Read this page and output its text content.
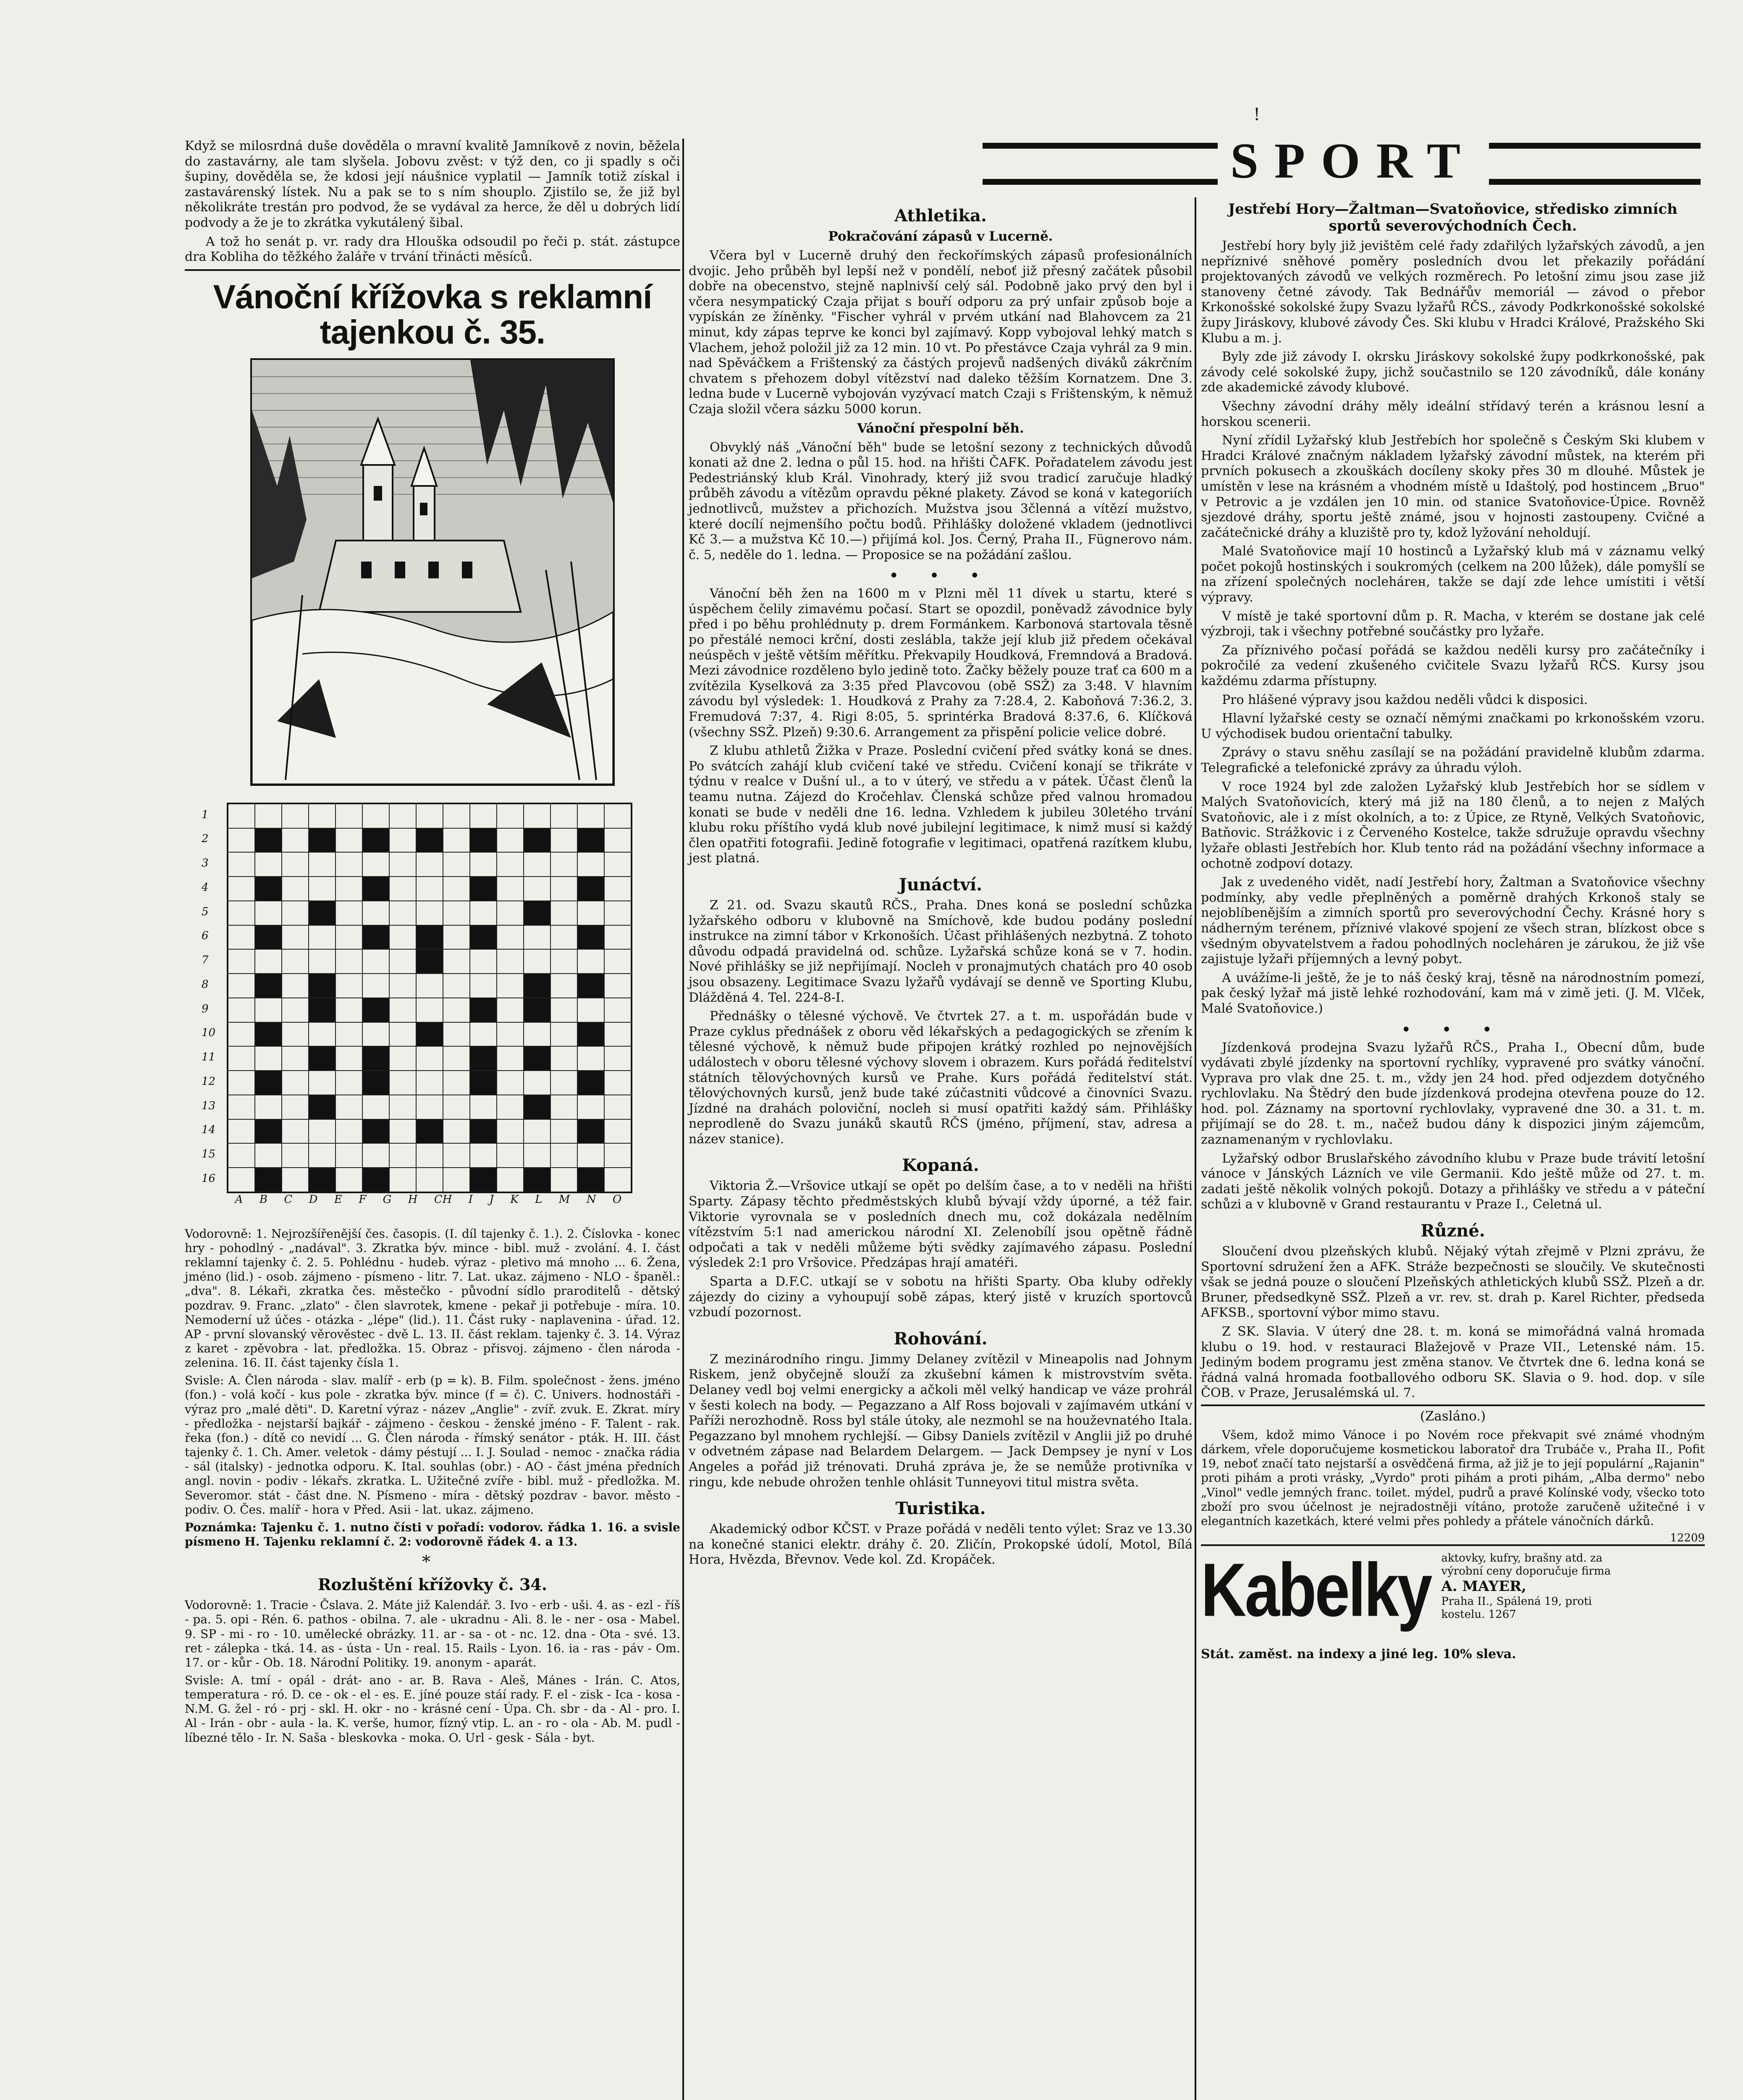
!
SPORT

Když se milosrdná duše dověděla o mravní kvalitě Jamníkově z novin, běžela do zastavárny, ale tam slyšela. Jobovu zvěst: v týž den, co ji spadly s oči šupiny, dověděla se, že kdosi její náušnice vyplatil — Jamník totiž získal i zastavárenský lístek. Nu a pak se to s ním shouplo. Zjistilo se, že již byl několikráte trestán pro podvod, že se vydával za herce, že děl u dobrých lidí podvody a že je to zkrátka vykutálený šibal.

A tož ho senát p. vr. rady dra Hlouška odsoudil po řeči p. stát. zástupce dra Kobliha do těžkého žaláře v trvání třinácti měsíců.

Vánoční křížovka s reklamní tajenkou č. 35.
1
2
3
4
5
6
7
8
9
10
11
12
13
14
15
16
A B C D E F G H CH I J K L M N O

Vodorovně: 1. Nejrozšířenější čes. časopis. (I. díl tajenky č. 1.). 2. Číslovka - konec hry - pohodlný - „nadával". 3. Zkratka býv. mince - bibl. muž - zvolání. 4. I. část reklamní tajenky č. 2. 5. Pohlédnu - hudeb. výraz - pletivo má mnoho ... 6. Žena, jméno (lid.) - osob. zájmeno - písmeno - litr. 7. Lat. ukaz. zájmeno - NLO - španěl.: „dva". 8. Lékaři, zkratka čes. městečko - původní sídlo praroditelů - dětský pozdrav. 9. Franc. „zlato" - člen slavrotek, kmene - pekař ji potřebuje - míra. 10. Nemoderní už účes - otázka - „lépe" (lid.). 11. Část ruky - naplavenina - úřad. 12. AP - první slovanský věrověstec - dvě L. 13. II. část reklam. tajenky č. 3. 14. Výraz z karet - zpěvobra - lat. předložka. 15. Obraz - přisvoj. zájmeno - člen národa - zelenina. 16. II. část tajenky čísla 1.

Svisle: A. Člen národa - slav. malíř - erb (p = k). B. Film. společnost - žens. jméno (fon.) - volá kočí - kus pole - zkratka býv. mince (f = č). C. Univers. hodnostáři - výraz pro „malé děti". D. Karetní výraz - název „Anglie" - zvíř. zvuk. E. Zkrat. míry - předložka - nejstarší bajkář - zájmeno - českou - ženské jméno - F. Talent - rak. řeka (fon.) - dítě co nevidí ... G. Člen národa - římský senátor - pták. H. III. část tajenky č. 1. Ch. Amer. veletok - dámy péstují ... I. J. Soulad - nemoc - značka rádia - sál (italsky) - jednotka odporu. K. Ital. souhlas (obr.) - AO - část jména předních angl. novin - podiv - lékařs. zkratka. L. Užitečné zvíře - bibl. muž - předložka. M. Severomor. stát - část dne. N. Písmeno - míra - dětský pozdrav - bavor. město - podiv. O. Čes. malíř - hora v Před. Asii - lat. ukaz. zájmeno.

Poznámka: Tajenku č. 1. nutno čísti v pořadí: vodorov. řádka 1. 16. a svisle písmeno H. Tajenku reklamní č. 2: vodorovně řádek 4. a 13.

*
Rozluštění křížovky č. 34.

Vodorovně: 1. Tracie - Čslava. 2. Máte již Kalendář. 3. Ivo - erb - uši. 4. as - ezl - říš - pa. 5. opi - Rén. 6. pathos - obilna. 7. ale - ukradnu - Ali. 8. le - ner - osa - Mabel. 9. SP - mi - ro - 10. umělecké obrázky. 11. ar - sa - ot - nc. 12. dna - Ota - své. 13. ret - zálepka - tká. 14. as - ústa - Un - real. 15. Rails - Lyon. 16. ia - ras - páv - Om. 17. or - kůr - Ob. 18. Národní Politiky. 19. anonym - aparát.

Svisle: A. tmí - opál - drát- ano - ar. B. Rava - Aleš, Mánes - Irán. C. Atos, temperatura - ró. D. ce - ok - el - es. E. jíné pouze stáí rady. F. el - zisk - Ica - kosa - N.M. G. žel - ró - prj - skl. H. okr - no - krásné cení - Úpa. Ch. sbr - da - Al - pro. I. Al - Irán - obr - aula - la. K. verše, humor, fízný vtip. L. an - ro - ola - Ab. M. pudl - líbezné tělo - Ir. N. Saša - bleskovka - moka. O. Url - gesk - Sála - byt.

Athletika.
Pokračování zápasů v Lucerně.

Včera byl v Lucerně druhý den řeckořímských zápasů profesionálních dvojic. Jeho průběh byl lepší než v pondělí, neboť již přesný začátek působil dobře na obecenstvo, stejně naplnivší celý sál. Podobně jako prvý den byl i včera nesympatický Czaja přijat s bouří odporu za prý unfair způsob boje a vypískán ze žíněnky. "Fischer vyhrál v prvém utkání nad Blahovcem za 21 minut, kdy zápas teprve ke konci byl zajímavý. Kopp vybojoval lehký match s Vlachem, jehož položil již za 12 min. 10 vt. Po přestávce Czaja vyhrál za 9 min. nad Spěváčkem a Frištenský za částých projevů nadšených diváků zákrčním chvatem s přehozem dobyl vítězství nad daleko těžším Kornatzem. Dne 3. ledna bude v Lucerně vybojován vyzývací match Czaji s Frištenským, k němuž Czaja složil včera sázku 5000 korun.

Vánoční přespolní běh.

Obvyklý náš „Vánoční běh" bude se letošní sezony z technických důvodů konati až dne 2. ledna o půl 15. hod. na hřišti ČAFK. Pořadatelem závodu jest Pedestriánský klub Král. Vinohrady, který již svou tradicí zaručuje hladký průběh závodu a vítězům opravdu pěkné plakety. Závod se koná v kategoriích jednotlivců, mužstev a přichozích. Mužstva jsou 3členná a vítězí mužstvo, které docílí nejmenšího počtu bodů. Přihlášky doložené vkladem (jednotlivci Kč 3.— a mužstva Kč 10.—) přijímá kol. Jos. Černý, Praha II., Fügnerovo nám. č. 5, neděle do 1. ledna. — Proposice se na požádání zašlou.

• • •

Vánoční běh žen na 1600 m v Plzni měl 11 dívek u startu, které s úspěchem čelily zimavému počasí. Start se opozdil, poněvadž závodnice byly před i po běhu prohlédnuty p. drem Formánkem. Karbonová startovala těsně po přestálé nemoci krční, dosti zeslábla, takže její klub již předem očekával neúspěch v ještě větším měřítku. Překvapily Houdková, Fremndová a Bradová. Mezi závodnice rozděleno bylo jedině toto. Žačky běžely pouze trať ca 600 m a zvítězila Kyselková za 3:35 před Plavcovou (obě SSŽ) za 3:48. V hlavním závodu byl výsledek: 1. Houdková z Prahy za 7:28.4, 2. Kaboňová 7:36.2, 3. Fremudová 7:37, 4. Rigi 8:05, 5. sprintérka Bradová 8:37.6, 6. Klíčková (všechny SSŽ. Plzeň) 9:30.6. Arrangement za přispění policie velice dobré.

Z klubu athletů Žižka v Praze. Poslední cvičení před svátky koná se dnes. Po svátcích zahájí klub cvičení také ve středu. Cvičení konají se třikráte v týdnu v realce v Dušní ul., a to v úterý, ve středu a v pátek. Účast členů la teamu nutna. Zájezd do Kročehlav. Členská schůze před valnou hromadou konati se bude v neděli dne 16. ledna. Vzhledem k jubileu 30letého trvání klubu roku příštího vydá klub nové jubilejní legitimace, k nimž musí si každý člen opatřiti fotografii. Jedině fotografie v legitimaci, opatřená razítkem klubu, jest platná.

Junáctví.

Z 21. od. Svazu skautů RČS., Praha. Dnes koná se poslední schůzka lyžařského odboru v klubovně na Smíchově, kde budou podány poslední instrukce na zimní tábor v Krkonoších. Účast přihlášených nezbytná. Z tohoto důvodu odpadá pravidelná od. schůze. Lyžařská schůze koná se v 7. hodin. Nové přihlášky se již nepřijímají. Nocleh v pronajmutých chatách pro 40 osob jsou obsazeny. Legitimace Svazu lyžařů vydávají se denně ve Sporting Klubu, Dlážděná 4. Tel. 224-8-I.

Přednášky o tělesné výchově. Ve čtvrtek 27. a t. m. uspořádán bude v Praze cyklus přednášek z oboru věd lékařských a pedagogických se zřením k tělesné výchově, k němuž bude připojen krátký rozhled po nejnovějších událostech v oboru tělesné výchovy slovem i obrazem. Kurs pořádá ředitelství státních tělovýchovných kursů ve Prahe. Kurs pořádá ředitelství stát. tělovýchovných kursů, jenž bude také zúčastniti vůdcové a činovníci Svazu. Jízdné na drahách poloviční, nocleh si musí opatřiti každý sám. Přihlášky neprodleně do Svazu junáků skautů RČS (jméno, příjmení, stav, adresa a název stanice).

Kopaná.

Viktoria Ž.—Vršovice utkají se opět po delším čase, a to v neděli na hřišti Sparty. Zápasy těchto předměstských klubů bývají vždy úporné, a též fair. Viktorie vyrovnala se v posledních dnech mu, což dokázala nedělním vítězstvím 5:1 nad americkou národní XI. Zelenobílí jsou opětně řádně odpočati a tak v neděli můžeme býti svědky zajímavého zápasu. Poslední výsledek 2:1 pro Vršovice. Předzápas hrají amatéři.

Sparta a D.F.C. utkají se v sobotu na hřišti Sparty. Oba kluby odřekly zájezdy do ciziny a vyhoupují sobě zápas, který jistě v kruzích sportovců vzbudí pozornost.

Rohování.

Z mezinárodního ringu. Jimmy Delaney zvítězil v Mineapolis nad Johnym Riskem, jenž obyčejně slouží za zkušební kámen k mistrovstvím světa. Delaney vedl boj velmi energicky a ačkoli měl velký handicap ve váze prohrál v šesti kolech na body. — Pegazzano a Alf Ross bojovali v zajímavém utkání v Paříži nerozhodně. Ross byl stále útoky, ale nezmohl se na houževnatého Itala. Pegazzano byl mnohem rychlejší. — Gibsy Daniels zvítězil v Anglii již po druhé v odvetném zápase nad Belardem Delargem. — Jack Dempsey je nyní v Los Angeles a pořád již trénovati. Druhá zpráva je, že se nemůže protivníka v ringu, kde nebude ohrožen tenhle ohlásit Tunneyovi titul mistra světa.

Turistika.

Akademický odbor KČST. v Praze pořádá v neděli tento výlet: Sraz ve 13.30 na konečné stanici elektr. dráhy č. 20. Zličín, Prokopské údolí, Motol, Bílá Hora, Hvězda, Břevnov. Vede kol. Zd. Kropáček.

Jestřebí Hory—Žaltman—Svatoňovice, středisko zimních sportů severovýchodních Čech.

Jestřebí hory byly již jevištěm celé řady zdařilých lyžařských závodů, a jen nepříznivé sněhové poměry posledních dvou let překazily pořádání projektovaných závodů ve velkých rozměrech. Po letošní zimu jsou zase již stanoveny četné závody. Tak Bednářův memoriál — závod o přebor Krkonošské sokolské župy Svazu lyžařů RČS., závody Podkrkonošské sokolské župy Jiráskovy, klubové závody Čes. Ski klubu v Hradci Králové, Pražského Ski Klubu a m. j.

Byly zde již závody I. okrsku Jiráskovy sokolské župy podkrkonošské, pak závody celé sokolské župy, jichž součastnilo se 120 závodníků, dále konány zde akademické závody klubové.

Všechny závodní dráhy měly ideální střídavý terén a krásnou lesní a horskou scenerii.

Nyní zřídil Lyžařský klub Jestřebích hor společně s Českým Ski klubem v Hradci Králové značným nákladem lyžařský závodní můstek, na kterém při prvních pokusech a zkouškách docíleny skoky přes 30 m dlouhé. Můstek je umístěn v lese na krásném a vhodném místě u Idaštolý, pod hostincem „Bruo" v Petrovic a je vzdálen jen 10 min. od stanice Svatoňovice-Úpice. Rovněž sjezdové dráhy, sportu ještě známé, jsou v hojnosti zastoupeny. Cvičné a začátečnické dráhy a kluziště pro ty, kdož lyžování neholdují.

Malé Svatoňovice mají 10 hostinců a Lyžařský klub má v záznamu velký počet pokojů hostinských i soukromých (celkem na 200 lůžek), dále pomyšlí se na zřízení společných noclehárен, takže se dají zde lehce umístiti i větší výpravy.

V místě je také sportovní dům p. R. Macha, v kterém se dostane jak celé výzbroji, tak i všechny potřebné součástky pro lyžaře.

Za příznivého počasí pořádá se každou neděli kursy pro začátečníky i pokročilé za vedení zkušeného cvičitele Svazu lyžařů RČS. Kursy jsou každému zdarma přístupny.

Pro hlášené výpravy jsou každou neděli vůdci k disposici.

Hlavní lyžařské cesty se označí němými značkami po krkonošském vzoru. U východisek budou orientační tabulky.

Zprávy o stavu sněhu zasílají se na požádání pravidelně klubům zdarma. Telegrafické a telefonické zprávy za úhradu výloh.

V roce 1924 byl zde založen Lyžařský klub Jestřebích hor se sídlem v Malých Svatoňovicích, který má již na 180 členů, a to nejen z Malých Svatoňovic, ale i z míst okolních, a to: z Úpice, ze Rtyně, Velkých Svatoňovic, Batňovic. Strážkovic i z Červeného Kostelce, takže sdružuje opravdu všechny lyžaře oblasti Jestřebích hor. Klub tento rád na požádání všechny informace a ochotně zodpoví dotazy.

Jak z uvedeného vidět, nadí Jestřebí hory, Žaltman a Svatoňovice všechny podmínky, aby vedle přeplněných a poměrně drahých Krkonoš staly se nejoblíbenějším a zimních sportů pro severovýchodní Čechy. Krásné hory s nádherným terénem, příznivé vlakové spojení ze všech stran, blízkost obce s všedným obyvatelstvem a řadou pohodlných nocleháren je zárukou, že již vše zajistuje lyžaři příjemných a levný pobyt.

A uvážíme-li ještě, že je to náš český kraj, těsně na národnostním pomezí, pak český lyžař má jistě lehké rozhodování, kam má v zimě jeti. (J. M. Vlček, Malé Svatoňovice.)

• • •

Jízdenková prodejna Svazu lyžařů RČS., Praha I., Obecní dům, bude vydávati zbylé jízdenky na sportovní rychlíky, vypravené pro svátky vánoční. Vyprava pro vlak dne 25. t. m., vždy jen 24 hod. před odjezdem dotyčného rychlovlaku. Na Štědrý den bude jízdenková prodejna otevřena pouze do 12. hod. pol. Záznamy na sportovní rychlovlaky, vypravené dne 30. a 31. t. m. přijímají se do 28. t. m., načež budou dány k dispozici jiným zájemcům, zaznamenaným v rychlovlaku.

Lyžařský odbor Bruslařského závodního klubu v Praze bude trávití letošní vánoce v Jánských Lázních ve vile Germanii. Kdo ještě může od 27. t. m. zadati ještě několik volných pokojů. Dotazy a přihlášky ve středu a v páteční schůzi a v klubovně v Grand restaurantu v Praze I., Celetná ul.

Různé.

Sloučení dvou plzeňských klubů. Nějaký výtah zřejmě v Plzni zprávu, že Sportovní sdružení žen a AFK. Stráže bezpečnosti se sloučily. Ve skutečnosti však se jedná pouze o sloučení Plzeňských athletických klubů SSŽ. Plzeň a dr. Bruner, předsedkyně SSŽ. Plzeň a vr. rev. st. drah p. Karel Richter, předseda AFKSB., sportovní výbor mimo stavu.

Z SK. Slavia. V úterý dne 28. t. m. koná se mimořádná valná hromada klubu o 19. hod. v restauraci Blažejově v Praze VII., Letenské nám. 15. Jediným bodem programu jest změna stanov. Ve čtvrtek dne 6. ledna koná se řádná valná hromada footballového odboru SK. Slavia o 9. hod. dop. v síle ČOB. v Praze, Jerusalémská ul. 7.

(Zasláno.)

Všem, kdož mimo Vánoce i po Novém roce překvapit své známé vhodným dárkem, vřele doporučujeme kosmetickou laboratoř dra Trubáče v., Praha II., Pofit 19, neboť značí tato nejstarší a osvědčená firma, až již je to její populární „Rajanin" proti pihám a proti vrásky, „Vyrdo" proti pihám a proti pihám, „Alba dermo" nebo „Vinol" vedle jemných franc. toilet. mýdel, pudrů a pravé Kolínské vody, všecko toto zboží pro svou účelnost je nejradostněji vítáno, protože zaručeně užitečné i v elegantních kazetkách, které velmi přes pohledy a přátele vánočních dárků.

12209
Kabelky aktovky, kufry, brašny atd. za výrobní ceny doporučuje firma
A. MAYER,
Praha II., Spálená 19, proti kostelu. 1267
Stát. zaměst. na indexy a jiné leg. 10% sleva.
